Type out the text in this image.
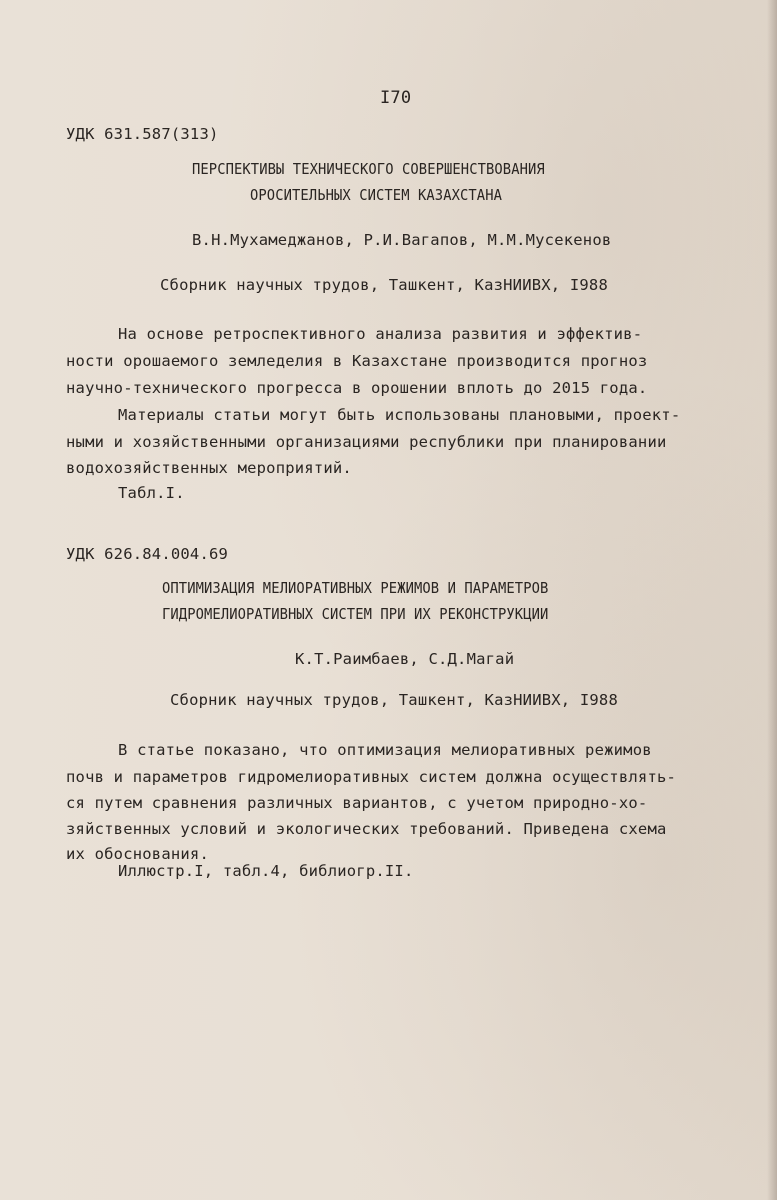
I70
УДК 631.587(313)
ПЕРСПЕКТИВЫ ТЕХНИЧЕСКОГО СОВЕРШЕНСТВОВАНИЯ
ОРОСИТЕЛЬНЫХ СИСТЕМ КАЗАХСТАНА
В.Н.Мухамеджанов, Р.И.Вагапов, М.М.Мусекенов
Сборник научных трудов, Ташкент, КазНИИВХ, I988
На основе ретроспективного анализа развития и эффектив-
ности орошаемого земледелия в Казахстане производится прогноз
научно-технического прогресса в орошении вплоть до 2015 года.
Материалы статьи могут быть использованы плановыми, проект-
ными и хозяйственными организациями республики при планировании
водохозяйственных мероприятий.
Табл.I.
УДК 626.84.004.69
ОПТИМИЗАЦИЯ МЕЛИОРАТИВНЫХ РЕЖИМОВ И ПАРАМЕТРОВ
ГИДРОМЕЛИОРАТИВНЫХ СИСТЕМ ПРИ ИХ РЕКОНСТРУКЦИИ
К.Т.Раимбаев, С.Д.Магай
Сборник научных трудов, Ташкент, КазНИИВХ, I988
В статье показано, что оптимизация мелиоративных режимов
почв и параметров гидромелиоративных систем должна осуществлять-
ся путем сравнения различных вариантов, с учетом природно-хо-
зяйственных условий и экологических требований. Приведена схема
их обоснования.
Иллюстр.I, табл.4, библиогр.II.
